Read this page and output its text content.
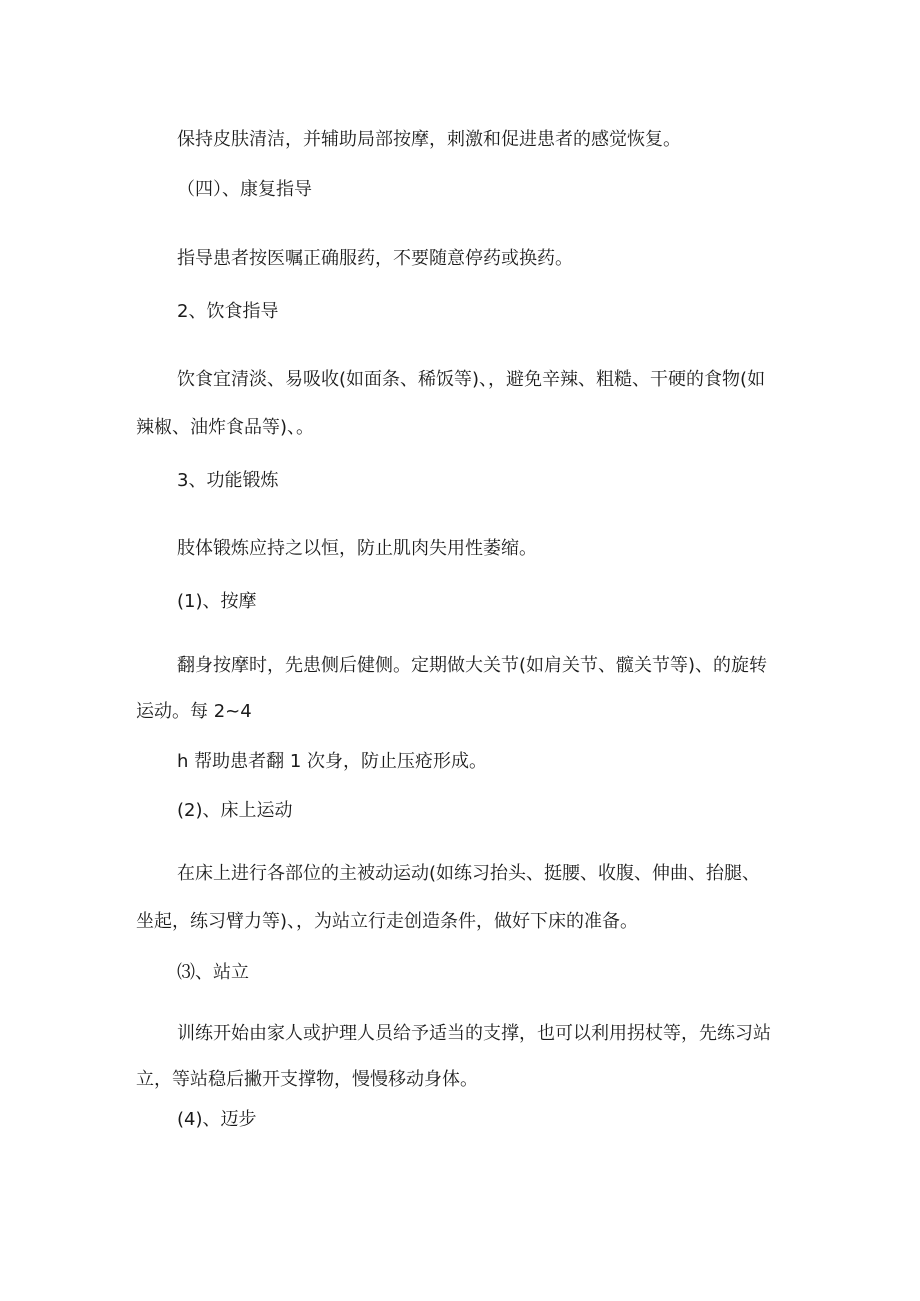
保持皮肤清洁，并辅助局部按摩，刺激和促进患者的感觉恢复。
（四）、康复指导
指导患者按医嘱正确服药，不要随意停药或换药。
2、饮食指导
饮食宜清淡、易吸收(如面条、稀饭等)、，避免辛辣、粗糙、干硬的食物(如
辣椒、油炸食品等)、。
3、功能锻炼
肢体锻炼应持之以恒，防止肌肉失用性萎缩。
(1)、按摩
翻身按摩时，先患侧后健侧。定期做大关节(如肩关节、髋关节等)、的旋转
运动。每 2~4
h 帮助患者翻 1 次身，防止压疮形成。
(2)、床上运动
在床上进行各部位的主被动运动(如练习抬头、挺腰、收腹、伸曲、抬腿、
坐起，练习臂力等)、，为站立行走创造条件，做好下床的准备。
⑶、站立
训练开始由家人或护理人员给予适当的支撑，也可以利用拐杖等，先练习站
立，等站稳后撇开支撑物，慢慢移动身体。
(4)、迈步
